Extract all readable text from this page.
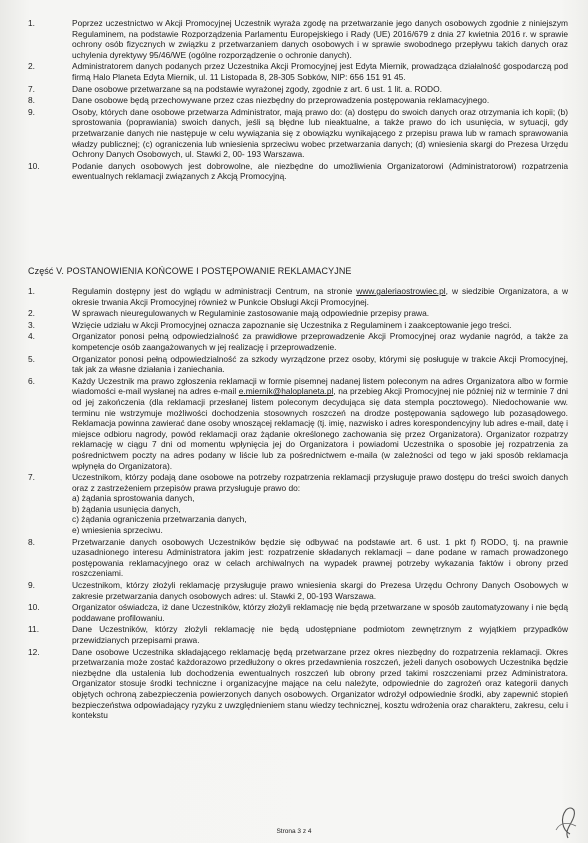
1.	Poprzez uczestnictwo w Akcji Promocyjnej Uczestnik wyraża zgodę na przetwarzanie jego danych osobowych zgodnie z niniejszym Regulaminem, na podstawie Rozporządzenia Parlamentu Europejskiego i Rady (UE) 2016/679 z dnia 27 kwietnia 2016 r. w sprawie ochrony osób fizycznych w związku z przetwarzaniem danych osobowych i w sprawie swobodnego przepływu takich danych oraz uchylenia dyrektywy 95/46/WE (ogólne rozporządzenie o ochronie danych).
2.	Administratorem danych podanych przez Uczestnika Akcji Promocyjnej jest Edyta Miernik, prowadząca działalność gospodarczą pod firmą Halo Planeta Edyta Miernik, ul. 11 Listopada 8, 28-305 Sobków, NIP: 656 151 91 45.
7.	Dane osobowe przetwarzane są na podstawie wyrażonej zgody, zgodnie z art. 6 ust. 1 lit. a. RODO.
8.	Dane osobowe będą przechowywane przez czas niezbędny do przeprowadzenia postępowania reklamacyjnego.
9.	Osoby, których dane osobowe przetwarza Administrator, mają prawo do: (a) dostępu do swoich danych oraz otrzymania ich kopii; (b) sprostowania (poprawiania) swoich danych, jeśli są błędne lub nieaktualne, a także prawo do ich usunięcia, w sytuacji, gdy przetwarzanie danych nie następuje w celu wywiązania się z obowiązku wynikającego z przepisu prawa lub w ramach sprawowania władzy publicznej; (c) ograniczenia lub wniesienia sprzeciwu wobec przetwarzania danych; (d) wniesienia skargi do Prezesa Urzędu Ochrony Danych Osobowych, ul. Stawki 2, 00- 193 Warszawa.
10.	Podanie danych osobowych jest dobrowolne, ale niezbędne do umożliwienia Organizatorowi (Administratorowi) rozpatrzenia ewentualnych reklamacji związanych z Akcją Promocyjną.
Część V. POSTANOWIENIA KOŃCOWE I POSTĘPOWANIE REKLAMACYJNE
1.	Regulamin dostępny jest do wglądu w administracji Centrum, na stronie www.galeriaostrowiec.pl, w siedzibie Organizatora, a w okresie trwania Akcji Promocyjnej również w Punkcie Obsługi Akcji Promocyjnej.
2.	W sprawach nieuregulowanych w Regulaminie zastosowanie mają odpowiednie przepisy prawa.
3.	Wzięcie udziału w Akcji Promocyjnej oznacza zapoznanie się Uczestnika z Regulaminem i zaakceptowanie jego treści.
4.	Organizator ponosi pełną odpowiedzialność za prawidłowe przeprowadzenie Akcji Promocyjnej oraz wydanie nagród, a także za kompetencje osób zaangażowanych w jej realizację i przeprowadzenie.
5.	Organizator ponosi pełną odpowiedzialność za szkody wyrządzone przez osoby, którymi się posługuje w trakcie Akcji Promocyjnej, tak jak za własne działania i zaniechania.
6.	Każdy Uczestnik ma prawo zgłoszenia reklamacji w formie pisemnej nadanej listem poleconym na adres Organizatora albo w formie wiadomości e-mail wysłanej na adres e-mail e.miernik@haloplaneta.pl, na przebieg Akcji Promocyjnej nie później niż w terminie 7 dni od jej zakończenia (dla reklamacji przesłanej listem poleconym decydująca się data stempla pocztowego). Niedochowanie ww. terminu nie wstrzymuje możliwości dochodzenia stosownych roszczeń na drodze postępowania sądowego lub pozasądowego. Reklamacja powinna zawierać dane osoby wnoszącej reklamację (tj. imię, nazwisko i adres korespondencyjny lub adres e-mail, datę i miejsce odbioru nagrody, powód reklamacji oraz żądanie określonego zachowania się przez Organizatora). Organizator rozpatrzy reklamację w ciągu 7 dni od momentu wpłynięcia jej do Organizatora i powiadomi Uczestnika o sposobie jej rozpatrzenia za pośrednictwem poczty na adres podany w liście lub za pośrednictwem e-maila (w zależności od tego w jaki sposób reklamacja wpłynęła do Organizatora).
7.	Uczestnikom, którzy podają dane osobowe na potrzeby rozpatrzenia reklamacji przysługuje prawo dostępu do treści swoich danych oraz z zastrzeżeniem przepisów prawa przysługuje prawo do:

a) żądania sprostowania danych,

b) żądania usunięcia danych,

c) żądania ograniczenia przetwarzania danych,

e) wniesienia sprzeciwu.

8.	Przetwarzanie danych osobowych Uczestników będzie się odbywać na podstawie art. 6 ust. 1 pkt f) RODO, tj. na prawnie uzasadnionego interesu Administratora jakim jest: rozpatrzenie składanych reklamacji – dane podane w ramach prowadzonego postępowania reklamacyjnego oraz w celach archiwalnych na wypadek prawnej potrzeby wykazania faktów i obrony przed roszczeniami.
9.	Uczestnikom, którzy złożyli reklamację przysługuje prawo wniesienia skargi do Prezesa Urzędu Ochrony Danych Osobowych w zakresie przetwarzania danych osobowych adres: ul. Stawki 2, 00-193 Warszawa.
10.	Organizator oświadcza, iż dane Uczestników, którzy złożyli reklamację nie będą przetwarzane w sposób zautomatyzowany i nie będą poddawane profilowaniu.
11.	Dane Uczestników, którzy złożyli reklamację nie będą udostępniane podmiotom zewnętrznym z wyjątkiem przypadków przewidzianych przepisami prawa.
12.	Dane osobowe Uczestnika składającego reklamację będą przetwarzane przez okres niezbędny do rozpatrzenia reklamacji. Okres przetwarzania może zostać każdorazowo przedłużony o okres przedawnienia roszczeń, jeżeli danych osobowych Uczestnika będzie niezbędne dla ustalenia lub dochodzenia ewentualnych roszczeń lub obrony przed takimi roszczeniami przez Administratora. Organizator stosuje środki techniczne i organizacyjne mające na celu należyte, odpowiednie do zagrożeń oraz kategorii danych objętych ochroną zabezpieczenia powierzonych danych osobowych. Organizator wdrożył odpowiednie środki, aby zapewnić stopień bezpieczeństwa odpowiadający ryzyku z uwzględnieniem stanu wiedzy technicznej, kosztu wdrożenia oraz charakteru, zakresu, celu i kontekstu
Strona 3 z 4
